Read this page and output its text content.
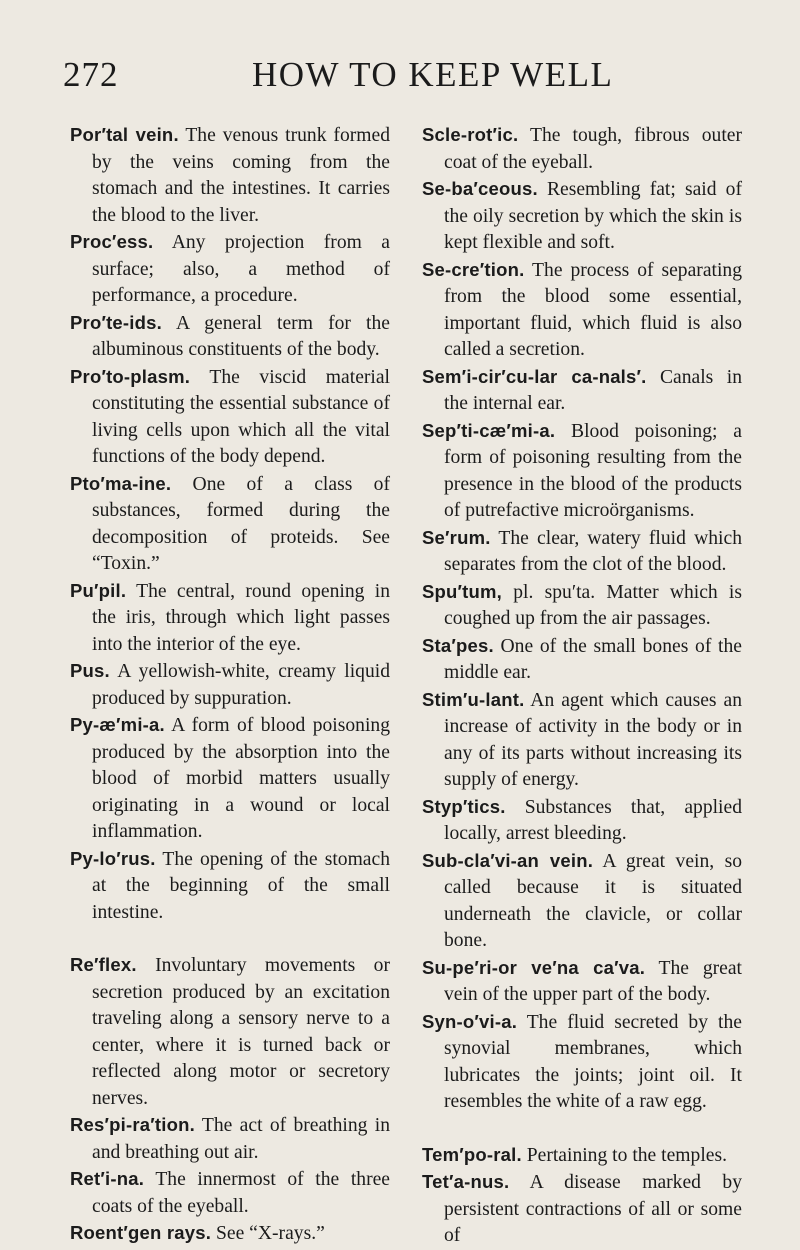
272	HOW TO KEEP WELL

Por′tal vein. The venous trunk formed by the veins coming from the stomach and the intestines. It carries the blood to the liver.

Proc′ess. Any projection from a surface; also, a method of performance, a procedure.

Pro′te-ids. A general term for the albuminous constituents of the body.

Pro′to-plasm. The viscid material constituting the essential substance of living cells upon which all the vital functions of the body depend.

Pto′ma-ine. One of a class of substances, formed during the decomposition of proteids. See “Toxin.”

Pu′pil. The central, round opening in the iris, through which light passes into the interior of the eye.

Pus. A yellowish-white, creamy liquid produced by suppuration.

Py-æ′mi-a. A form of blood poisoning produced by the absorption into the blood of morbid matters usually originating in a wound or local inflammation.

Py-lo′rus. The opening of the stomach at the beginning of the small intestine.

Re′flex. Involuntary movements or secretion produced by an excitation traveling along a sensory nerve to a center, where it is turned back or reflected along motor or secretory nerves.

Res′pi-ra′tion. The act of breathing in and breathing out air.

Ret′i-na. The innermost of the three coats of the eyeball.

Roent′gen rays. See “X-rays.”

Scle-rot′ic. The tough, fibrous outer coat of the eyeball.

Se-ba′ceous. Resembling fat; said of the oily secretion by which the skin is kept flexible and soft.

Se-cre′tion. The process of separating from the blood some essential, important fluid, which fluid is also called a secretion.

Sem′i-cir′cu-lar ca-nals′. Canals in the internal ear.

Sep′ti-cæ′mi-a. Blood poisoning; a form of poisoning resulting from the presence in the blood of the products of putrefactive microörganisms.

Se′rum. The clear, watery fluid which separates from the clot of the blood.

Spu′tum, pl. spu′ta. Matter which is coughed up from the air passages.

Sta′pes. One of the small bones of the middle ear.

Stim′u-lant. An agent which causes an increase of activity in the body or in any of its parts without increasing its supply of energy.

Styp′tics. Substances that, applied locally, arrest bleeding.

Sub-cla′vi-an vein. A great vein, so called because it is situated underneath the clavicle, or collar bone.

Su-pe′ri-or ve′na ca′va. The great vein of the upper part of the body.

Syn-o′vi-a. The fluid secreted by the synovial membranes, which lubricates the joints; joint oil. It resembles the white of a raw egg.

Tem′po-ral. Pertaining to the temples.

Tet′a-nus. A disease marked by persistent contractions of all or some of
